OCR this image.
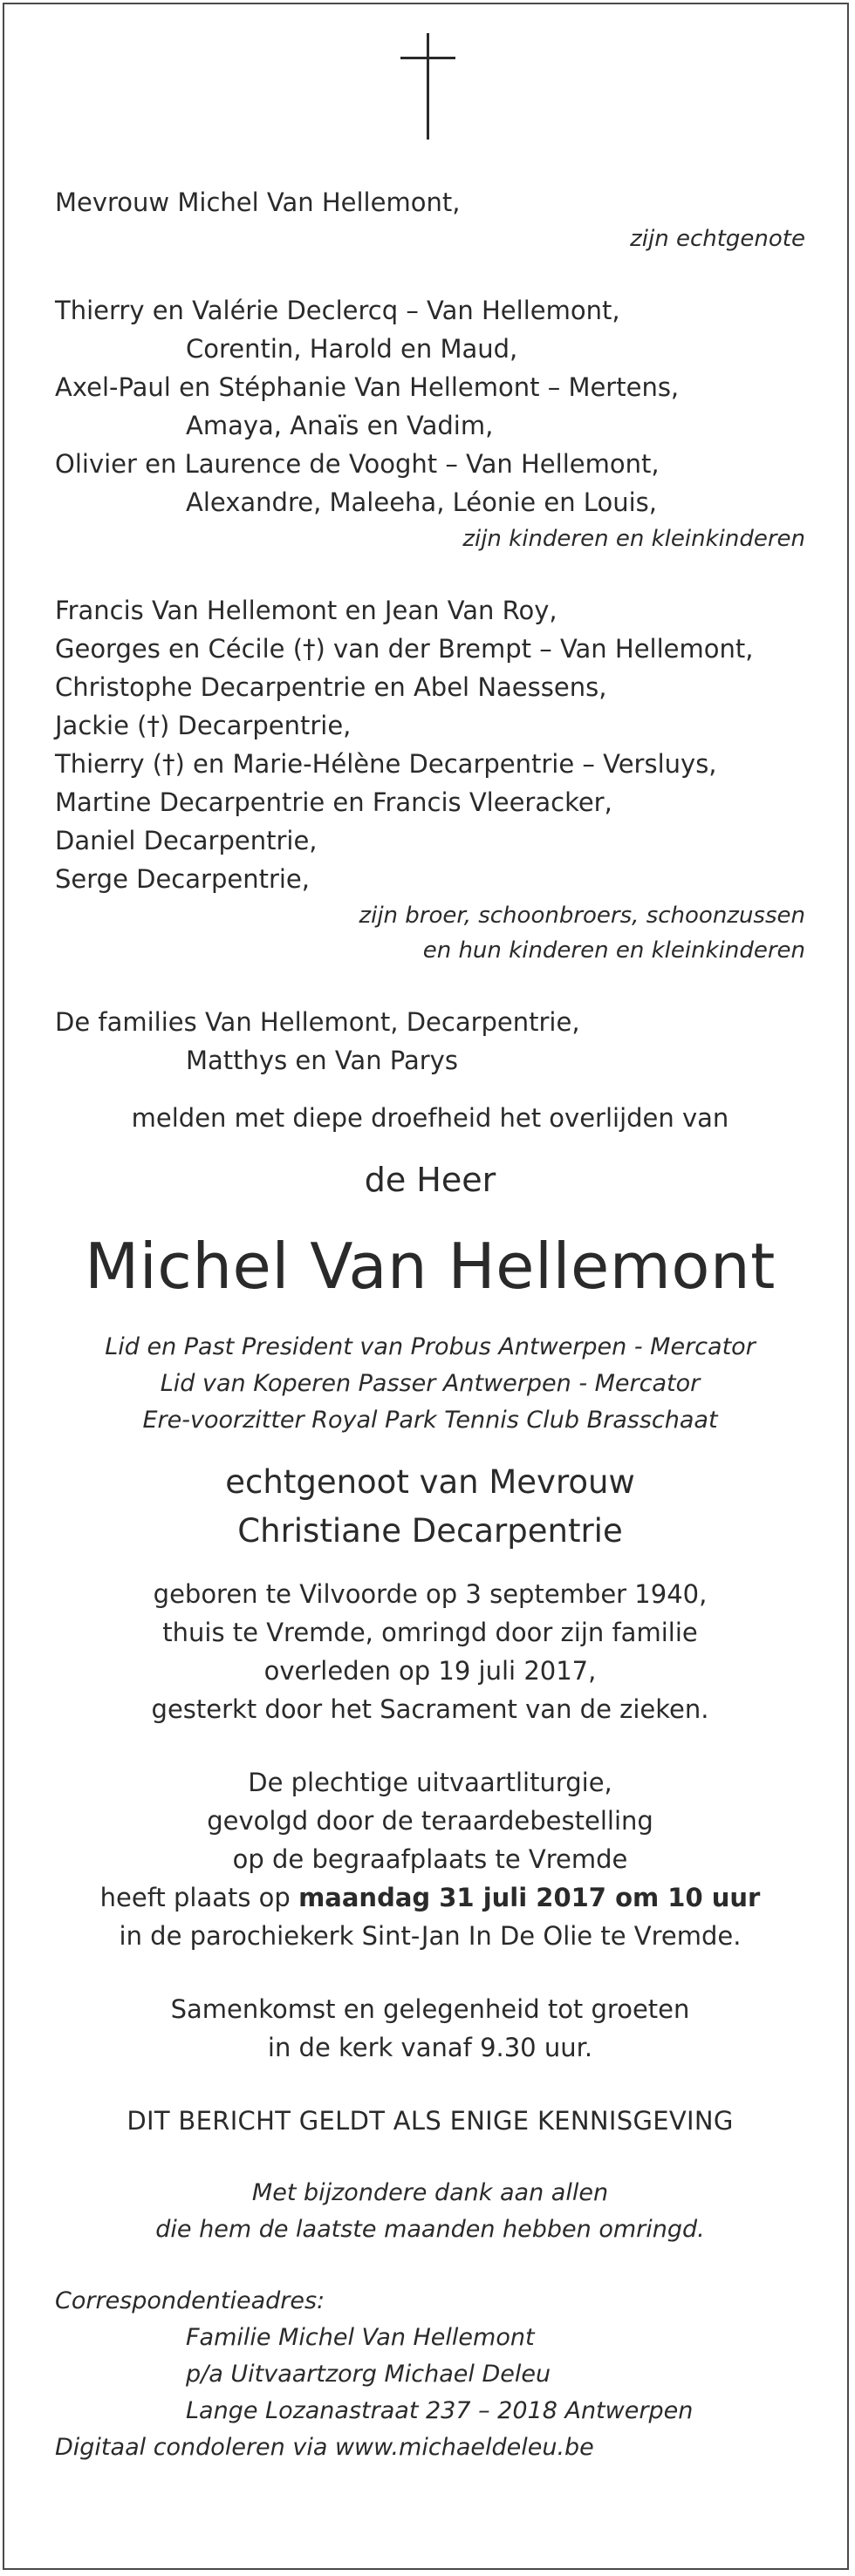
Mevrouw Michel Van Hellemont,
zijn echtgenote
Thierry en Valérie Declercq – Van Hellemont,
Corentin, Harold en Maud,
Axel-Paul en Stéphanie Van Hellemont – Mertens,
Amaya, Anaïs en Vadim,
Olivier en Laurence de Vooght – Van Hellemont,
Alexandre, Maleeha, Léonie en Louis,
zijn kinderen en kleinkinderen
Francis Van Hellemont en Jean Van Roy,
Georges en Cécile (†) van der Brempt – Van Hellemont,
Christophe Decarpentrie en Abel Naessens,
Jackie (†) Decarpentrie,
Thierry (†) en Marie-Hélène Decarpentrie – Versluys,
Martine Decarpentrie en Francis Vleeracker,
Daniel Decarpentrie,
Serge Decarpentrie,
zijn broer, schoonbroers, schoonzussen
en hun kinderen en kleinkinderen
De families Van Hellemont, Decarpentrie,
Matthys en Van Parys
melden met diepe droefheid het overlijden van
de Heer
Michel Van Hellemont
Lid en Past President van Probus Antwerpen - Mercator
Lid van Koperen Passer Antwerpen - Mercator
Ere-voorzitter Royal Park Tennis Club Brasschaat
echtgenoot van Mevrouw
Christiane Decarpentrie
geboren te Vilvoorde op 3 september 1940,
thuis te Vremde, omringd door zijn familie
overleden op 19 juli 2017,
gesterkt door het Sacrament van de zieken.
De plechtige uitvaartliturgie,
gevolgd door de teraardebestelling
op de begraafplaats te Vremde
heeft plaats op maandag 31 juli 2017 om 10 uur
in de parochiekerk Sint-Jan In De Olie te Vremde.
Samenkomst en gelegenheid tot groeten
in de kerk vanaf 9.30 uur.
DIT BERICHT GELDT ALS ENIGE KENNISGEVING
Met bijzondere dank aan allen
die hem de laatste maanden hebben omringd.
Correspondentieadres:
Familie Michel Van Hellemont
p/a Uitvaartzorg Michael Deleu
Lange Lozanastraat 237 – 2018 Antwerpen
Digitaal condoleren via www.michaeldeleu.be
